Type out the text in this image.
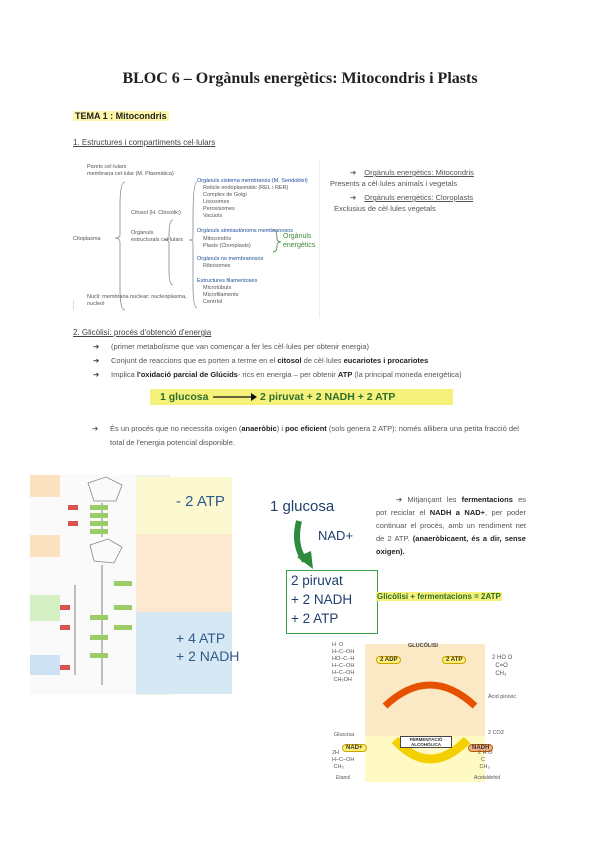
BLOC 6 – Orgànuls energètics: Mitocondris i Plasts
TEMA 1 : Mitocondris
1. Estructures i compartiments cel·lulars
Parets cel·lulars
membrana cel·lular (M. Plasmàtica)
Citoplasma
Citosol (H. Citosòlic)
Orgànuls estructurals cel·lulars
Nucli: membrana nuclear; nucleoplasma, nucleol
Orgànuls sistema membranós (M. Sendoblel)
Reticle endoplasmàtic (REL i RER)
Complex de Golgi
Lisosomes
Peroxisomes
Vacúols
Orgànuls sèmiautònoms membranosos
Mitocondris
Plasts (Cloroplasts)
Orgànuls energètics
Orgànuls no membranosos
Ribosomes
Estructures filamentoses
Microtúbuls
Microfilaments
Centríol
➔ Orgànuls energètics: Mitocondris
Presents a cèl·lules animals i vegetals
➔ Orgànuls energètics: Cloroplasts
Exclusius de cèl·lules vegetals
2. Glicòlisi: procés d'obtenció d'energia
➔ (primer metabolisme que van començar a fer les cèl·lules per obtenir energia)
➔ Conjunt de reaccions que es porten a terme en el citosol de cèl·lules eucariotes i procariotes
➔ Implica l'oxidació parcial de Glúcids- rics en energia – per obtenir ATP (la principal moneda energètica)
1 glucosa	2 piruvat + 2 NADH + 2 ATP
➔ És un procés que no necessita oxigen (anaeròbic) i poc eficient (sols genera 2 ATP): només allibera una petita fracció del total de l'energia potencial disponible.
- 2 ATP
+ 4 ATP
+ 2 NADH
1 glucosa
NAD+
2 piruvat
+ 2 NADH
+ 2 ATP
➔ Mitjançant les fermentacions es pot reciclar el NADH a NAD+, per poder continuar el procés, amb un rendiment net de 2 ATP. (anaeròbicaent, és a dir, sense oxigen).
Glicòlisi + fermentacions = 2ATP
GLUCÒLISI
2 ADP	2 ATP
NAD+	NADH
FERMENTACIÓ ALCOHÒLICA
H  O
H–C–OH
HO–C–H
H–C–OH
H–C–OH
CH₂OH
Glucosa
2 HO O
C=O
CH₃
Àcid pirúvic
2 CO2
2H
H–C–OH
CH₃
Etanol
2 H O
C
CH₃
Acetaldehid
